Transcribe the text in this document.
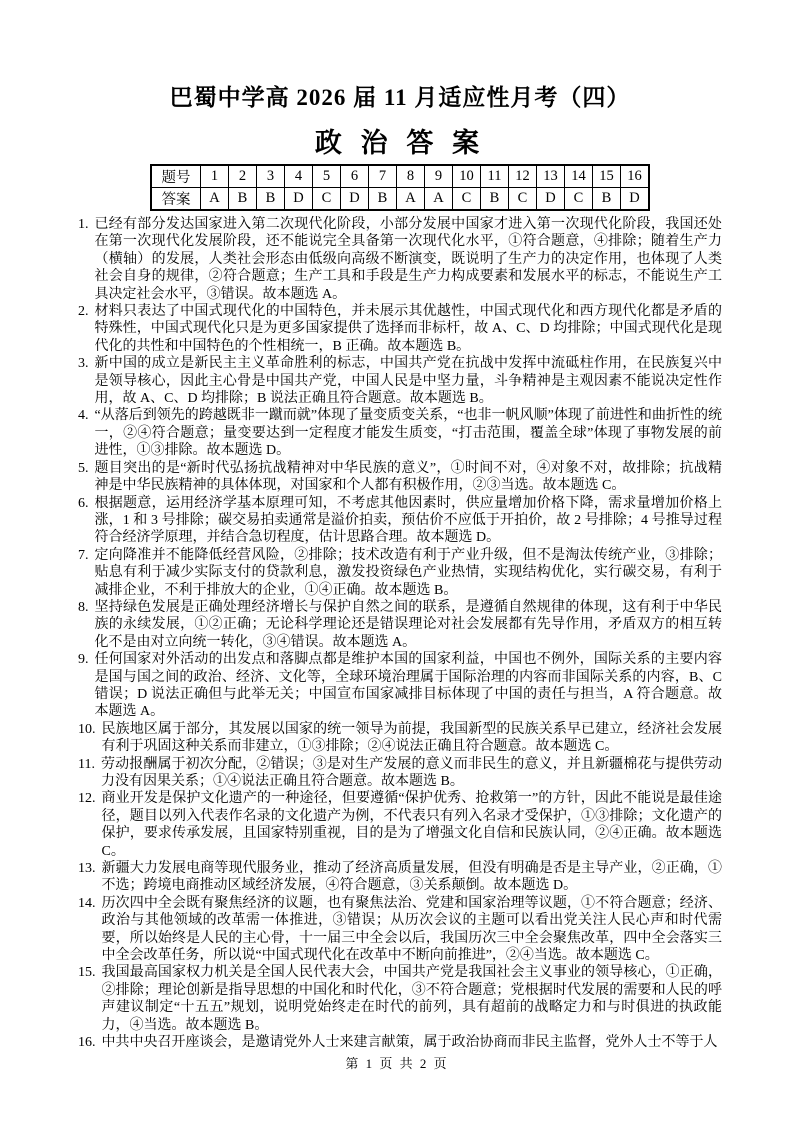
巴蜀中学高 2026 届 11 月适应性月考（四）
政 治 答 案
题号	1	2	3	4	5	6	7	8	9	10	11	12	13	14	15	16
答案	A	B	B	D	C	D	B	A	A	C	B	C	D	C	B	D
1. 已经有部分发达国家进入第二次现代化阶段，小部分发展中国家才进入第一次现代化阶段，我国还处在第一次现代化发展阶段，还不能说完全具备第一次现代化水平，①符合题意，④排除；随着生产力（横轴）的发展，人类社会形态由低级向高级不断演变，既说明了生产力的决定作用，也体现了人类社会自身的规律，②符合题意；生产工具和手段是生产力构成要素和发展水平的标志，不能说生产工具决定社会水平，③错误。故本题选 A。
2. 材料只表达了中国式现代化的中国特色，并未展示其优越性，中国式现代化和西方现代化都是矛盾的特殊性，中国式现代化只是为更多国家提供了选择而非标杆，故 A、C、D 均排除；中国式现代化是现代化的共性和中国特色的个性相统一，B 正确。故本题选 B。
3. 新中国的成立是新民主主义革命胜利的标志，中国共产党在抗战中发挥中流砥柱作用，在民族复兴中是领导核心，因此主心骨是中国共产党，中国人民是中坚力量，斗争精神是主观因素不能说决定性作用，故 A、C、D 均排除；B 说法正确且符合题意。故本题选 B。
4. “从落后到领先的跨越既非一蹴而就”体现了量变质变关系，“也非一帆风顺”体现了前进性和曲折性的统一，②④符合题意；量变要达到一定程度才能发生质变，“打击范围，覆盖全球”体现了事物发展的前进性，①③排除。故本题选 D。
5. 题目突出的是“新时代弘扬抗战精神对中华民族的意义”，①时间不对，④对象不对，故排除；抗战精神是中华民族精神的具体体现，对国家和个人都有积极作用，②③当选。故本题选 C。
6. 根据题意，运用经济学基本原理可知，不考虑其他因素时，供应量增加价格下降，需求量增加价格上涨，1 和 3 号排除；碳交易拍卖通常是溢价拍卖，预估价不应低于开拍价，故 2 号排除；4 号推导过程符合经济学原理，并结合急切程度，估计思路合理。故本题选 D。
7. 定向降准并不能降低经营风险，②排除；技术改造有利于产业升级，但不是淘汰传统产业，③排除；贴息有利于减少实际支付的贷款利息，激发投资绿色产业热情，实现结构优化，实行碳交易，有利于减排企业，不利于排放大的企业，①④正确。故本题选 B。
8. 坚持绿色发展是正确处理经济增长与保护自然之间的联系，是遵循自然规律的体现，这有利于中华民族的永续发展，①②正确；无论科学理论还是错误理论对社会发展都有先导作用，矛盾双方的相互转化不是由对立向统一转化，③④错误。故本题选 A。
9. 任何国家对外活动的出发点和落脚点都是维护本国的国家利益，中国也不例外，国际关系的主要内容是国与国之间的政治、经济、文化等，全球环境治理属于国际治理的内容而非国际关系的内容，B、C 错误；D 说法正确但与此举无关；中国宣布国家减排目标体现了中国的责任与担当，A 符合题意。故本题选 A。
10. 民族地区属于部分，其发展以国家的统一领导为前提，我国新型的民族关系早已建立，经济社会发展有利于巩固这种关系而非建立，①③排除；②④说法正确且符合题意。故本题选 C。
11. 劳动报酬属于初次分配，②错误；③是对生产发展的意义而非民生的意义，并且新疆棉花与提供劳动力没有因果关系；①④说法正确且符合题意。故本题选 B。
12. 商业开发是保护文化遗产的一种途径，但要遵循“保护优秀、抢救第一”的方针，因此不能说是最佳途径，题目以列入代表作名录的文化遗产为例，不代表只有列入名录才受保护，①③排除；文化遗产的保护，要求传承发展，且国家特别重视，目的是为了增强文化自信和民族认同，②④正确。故本题选 C。
13. 新疆大力发展电商等现代服务业，推动了经济高质量发展，但没有明确是否是主导产业，②正确，①不选；跨境电商推动区域经济发展，④符合题意，③关系颠倒。故本题选 D。
14. 历次四中全会既有聚焦经济的议题，也有聚焦法治、党建和国家治理等议题，①不符合题意；经济、政治与其他领域的改革需一体推进，③错误；从历次会议的主题可以看出党关注人民心声和时代需要，所以始终是人民的主心骨，十一届三中全会以后，我国历次三中全会聚焦改革，四中全会落实三中全会改革任务，所以说“中国式现代化在改革中不断向前推进”，②④当选。故本题选 C。
15. 我国最高国家权力机关是全国人民代表大会，中国共产党是我国社会主义事业的领导核心，①正确，②排除；理论创新是指导思想的中国化和时代化，③不符合题意；党根据时代发展的需要和人民的呼声建议制定“十五五”规划，说明党始终走在时代的前列，具有超前的战略定力和与时俱进的执政能力，④当选。故本题选 B。
16. 中共中央召开座谈会，是邀请党外人士来建言献策，属于政治协商而非民主监督，党外人士不等于人
第 1 页 共 2 页
